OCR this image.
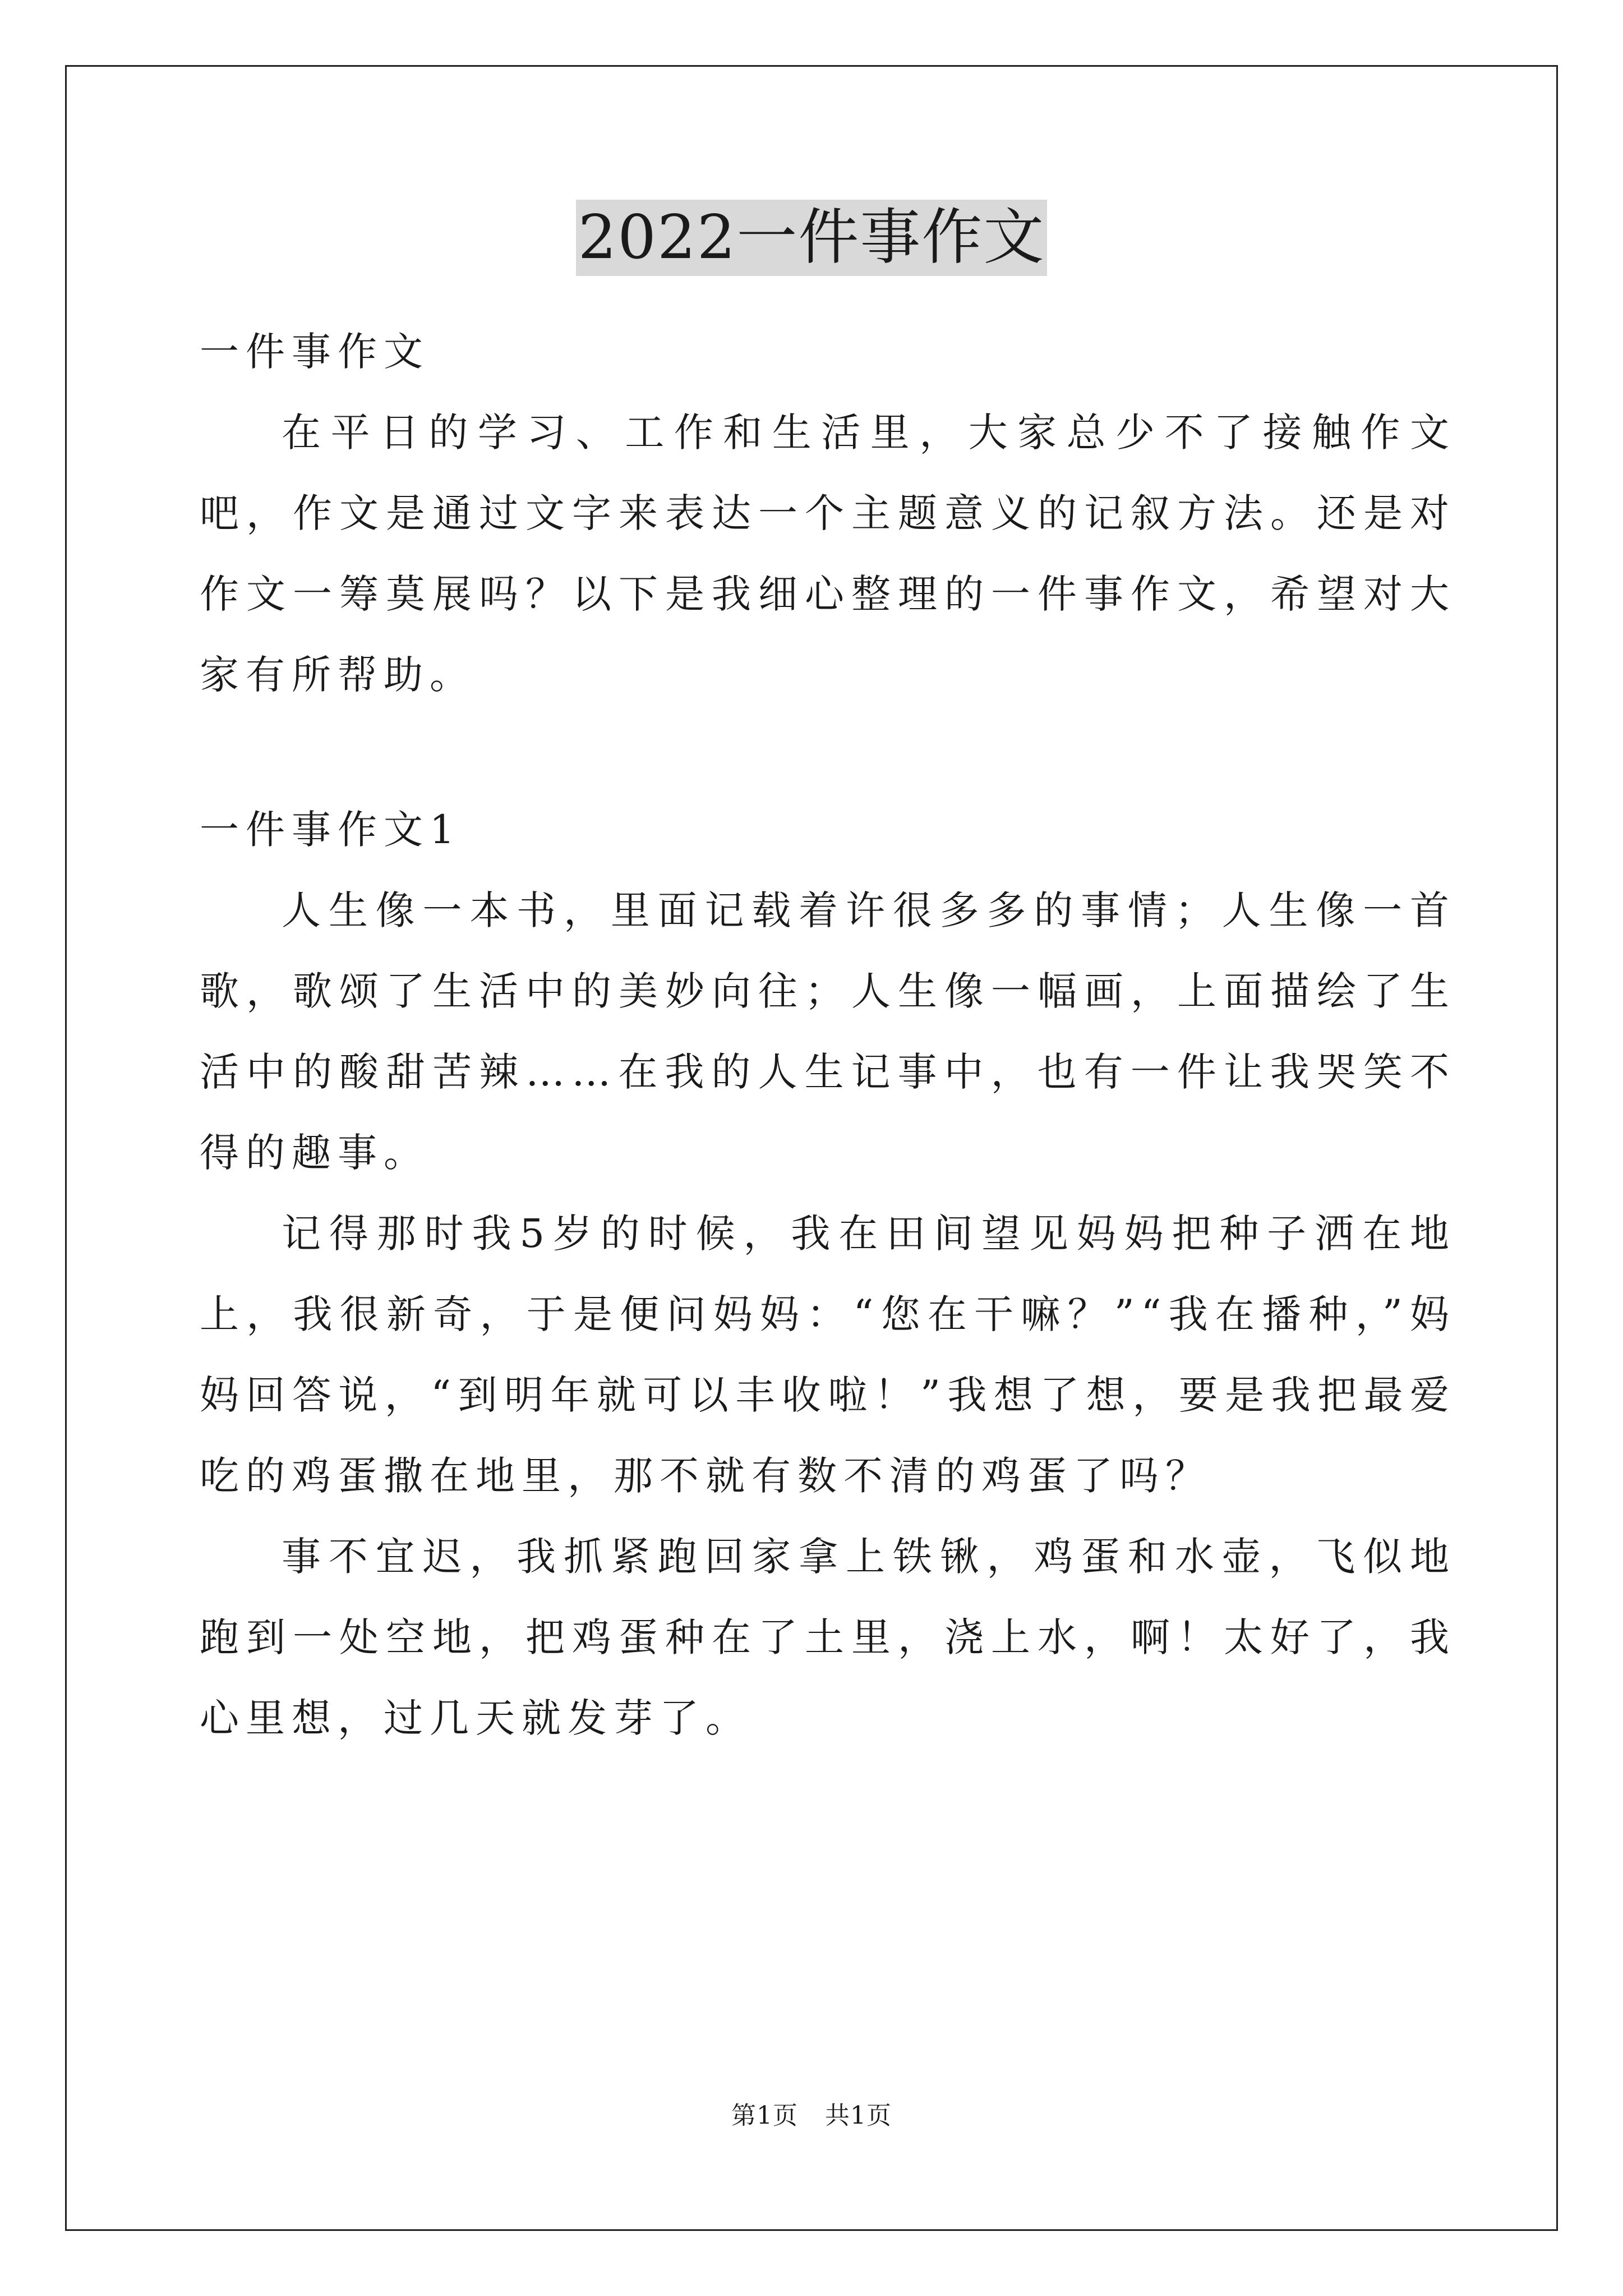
2022一件事作文

一件事作文

在平日的学习、工作和生活里，大家总少不了接触作文吧，作文是通过文字来表达一个主题意义的记叙方法。还是对作文一筹莫展吗？以下是我细心整理的一件事作文，希望对大家有所帮助。

一件事作文1

人生像一本书，里面记载着许很多多的事情；人生像一首歌，歌颂了生活中的美妙向往；人生像一幅画，上面描绘了生活中的酸甜苦辣……在我的人生记事中，也有一件让我哭笑不得的趣事。

记得那时我5岁的时候，我在田间望见妈妈把种子洒在地上，我很新奇，于是便问妈妈：“您在干嘛？”“我在播种，”妈妈回答说，“到明年就可以丰收啦！”我想了想，要是我把最爱吃的鸡蛋撒在地里，那不就有数不清的鸡蛋了吗？

事不宜迟，我抓紧跑回家拿上铁锹，鸡蛋和水壶，飞似地跑到一处空地，把鸡蛋种在了土里，浇上水，啊！太好了，我心里想，过几天就发芽了。

第1页 共1页
